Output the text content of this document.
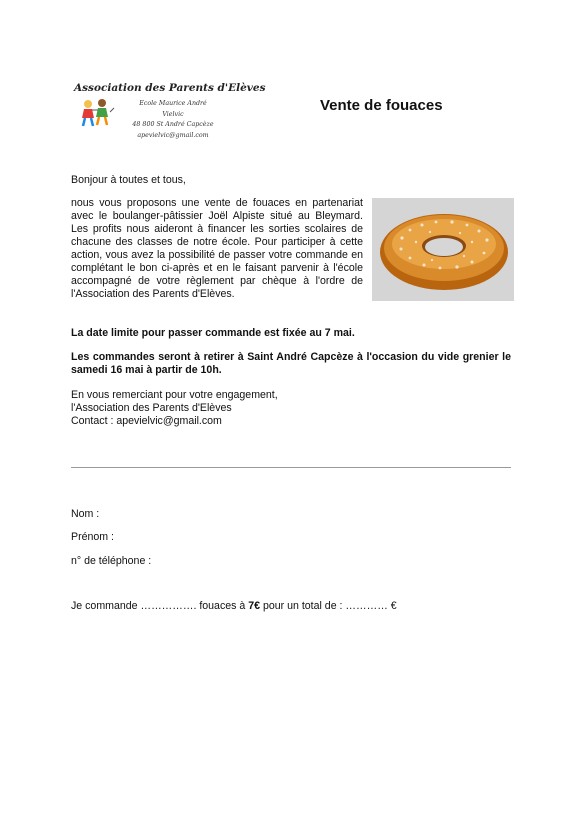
Association des Parents d'Elèves
Ecole Maurice André
Vielvic
48 800 St André Capcèze
apevielvic@gmail.com
Vente de fouaces
Bonjour à toutes et tous,
nous vous proposons une vente de fouaces en partenariat avec le boulanger-pâtissier Joël Alpiste situé au Bleymard. Les profits nous aideront à financer les sorties scolaires de chacune des classes de notre école. Pour participer à cette action, vous avez la possibilité de passer votre commande en complétant le bon ci-après et en le faisant parvenir à l'école accompagné de votre règlement par chèque à l'ordre de l'Association des Parents d'Elèves.
La date limite pour passer commande est fixée au 7 mai.
Les commandes seront à retirer à Saint André Capcèze à l'occasion du vide grenier le samedi 16 mai à partir de 10h.
En vous remerciant pour votre engagement,
l'Association des Parents d'Elèves
Contact : apevielvic@gmail.com
Nom :
Prénom :
n° de téléphone :
Je commande ……………. fouaces à 7€ pour un total de : ………… €
